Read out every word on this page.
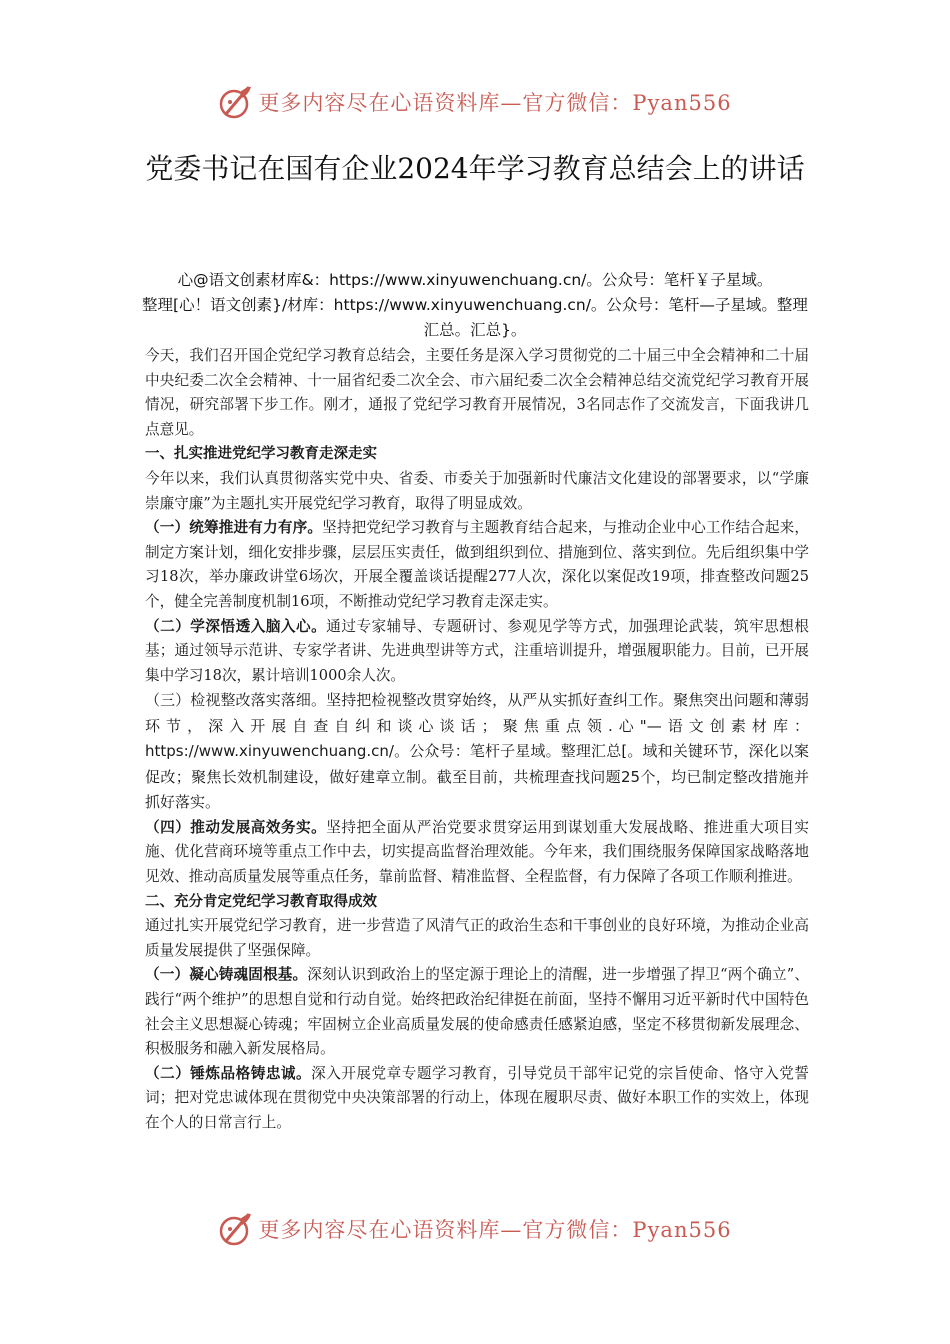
更多内容尽在心语资料库—官方微信：Pyan556
党委书记在国有企业2024年学习教育总结会上的讲话
心@语文创素材库&：https://www.xinyuwenchuang.cn/。公众号：笔杆￥子星域。
整理[心！语文创素}/材库：https://www.xinyuwenchuang.cn/。公众号：笔杆—子星域。整理汇总。汇总}。

今天，我们召开国企党纪学习教育总结会，主要任务是深入学习贯彻党的二十届三中全会精神和二十届中央纪委二次全会精神、十一届省纪委二次全会、市六届纪委二次全会精神总结交流党纪学习教育开展情况，研究部署下步工作。刚才，通报了党纪学习教育开展情况，3名同志作了交流发言，下面我讲几点意见。

一、扎实推进党纪学习教育走深走实

今年以来，我们认真贯彻落实党中央、省委、市委关于加强新时代廉洁文化建设的部署要求，以“学廉崇廉守廉”为主题扎实开展党纪学习教育，取得了明显成效。

（一）统筹推进有力有序。坚持把党纪学习教育与主题教育结合起来，与推动企业中心工作结合起来，制定方案计划，细化安排步骤，层层压实责任，做到组织到位、措施到位、落实到位。先后组织集中学习18次，举办廉政讲堂6场次，开展全覆盖谈话提醒277人次，深化以案促改19项，排查整改问题25个，健全完善制度机制16项，不断推动党纪学习教育走深走实。

（二）学深悟透入脑入心。通过专家辅导、专题研讨、参观见学等方式，加强理论武装，筑牢思想根基；通过领导示范讲、专家学者讲、先进典型讲等方式，注重培训提升，增强履职能力。目前，已开展集中学习18次，累计培训1000余人次。

（三）检视整改落实落细。坚持把检视整改贯穿始终，从严从实抓好查纠工作。聚焦突出问题和薄弱环节，深入开展自查自纠和谈心谈话；聚焦重点领.心"—语文创素材库：https://www.xinyuwenchuang.cn/。公众号：笔杆子星域。整理汇总[。域和关键环节，深化以案促改；聚焦长效机制建设，做好建章立制。截至目前，共梳理查找问题25个，均已制定整改措施并抓好落实。

（四）推动发展高效务实。坚持把全面从严治党要求贯穿运用到谋划重大发展战略、推进重大项目实施、优化营商环境等重点工作中去，切实提高监督治理效能。今年来，我们围绕服务保障国家战略落地见效、推动高质量发展等重点任务，靠前监督、精准监督、全程监督，有力保障了各项工作顺利推进。

二、充分肯定党纪学习教育取得成效

通过扎实开展党纪学习教育，进一步营造了风清气正的政治生态和干事创业的良好环境，为推动企业高质量发展提供了坚强保障。

（一）凝心铸魂固根基。深刻认识到政治上的坚定源于理论上的清醒，进一步增强了捍卫“两个确立”、践行“两个维护”的思想自觉和行动自觉。始终把政治纪律挺在前面，坚持不懈用习近平新时代中国特色社会主义思想凝心铸魂；牢固树立企业高质量发展的使命感责任感紧迫感，坚定不移贯彻新发展理念、积极服务和融入新发展格局。

（二）锤炼品格铸忠诚。深入开展党章专题学习教育，引导党员干部牢记党的宗旨使命、恪守入党誓词；把对党忠诚体现在贯彻党中央决策部署的行动上，体现在履职尽责、做好本职工作的实效上，体现在个人的日常言行上。

更多内容尽在心语资料库—官方微信：Pyan556
